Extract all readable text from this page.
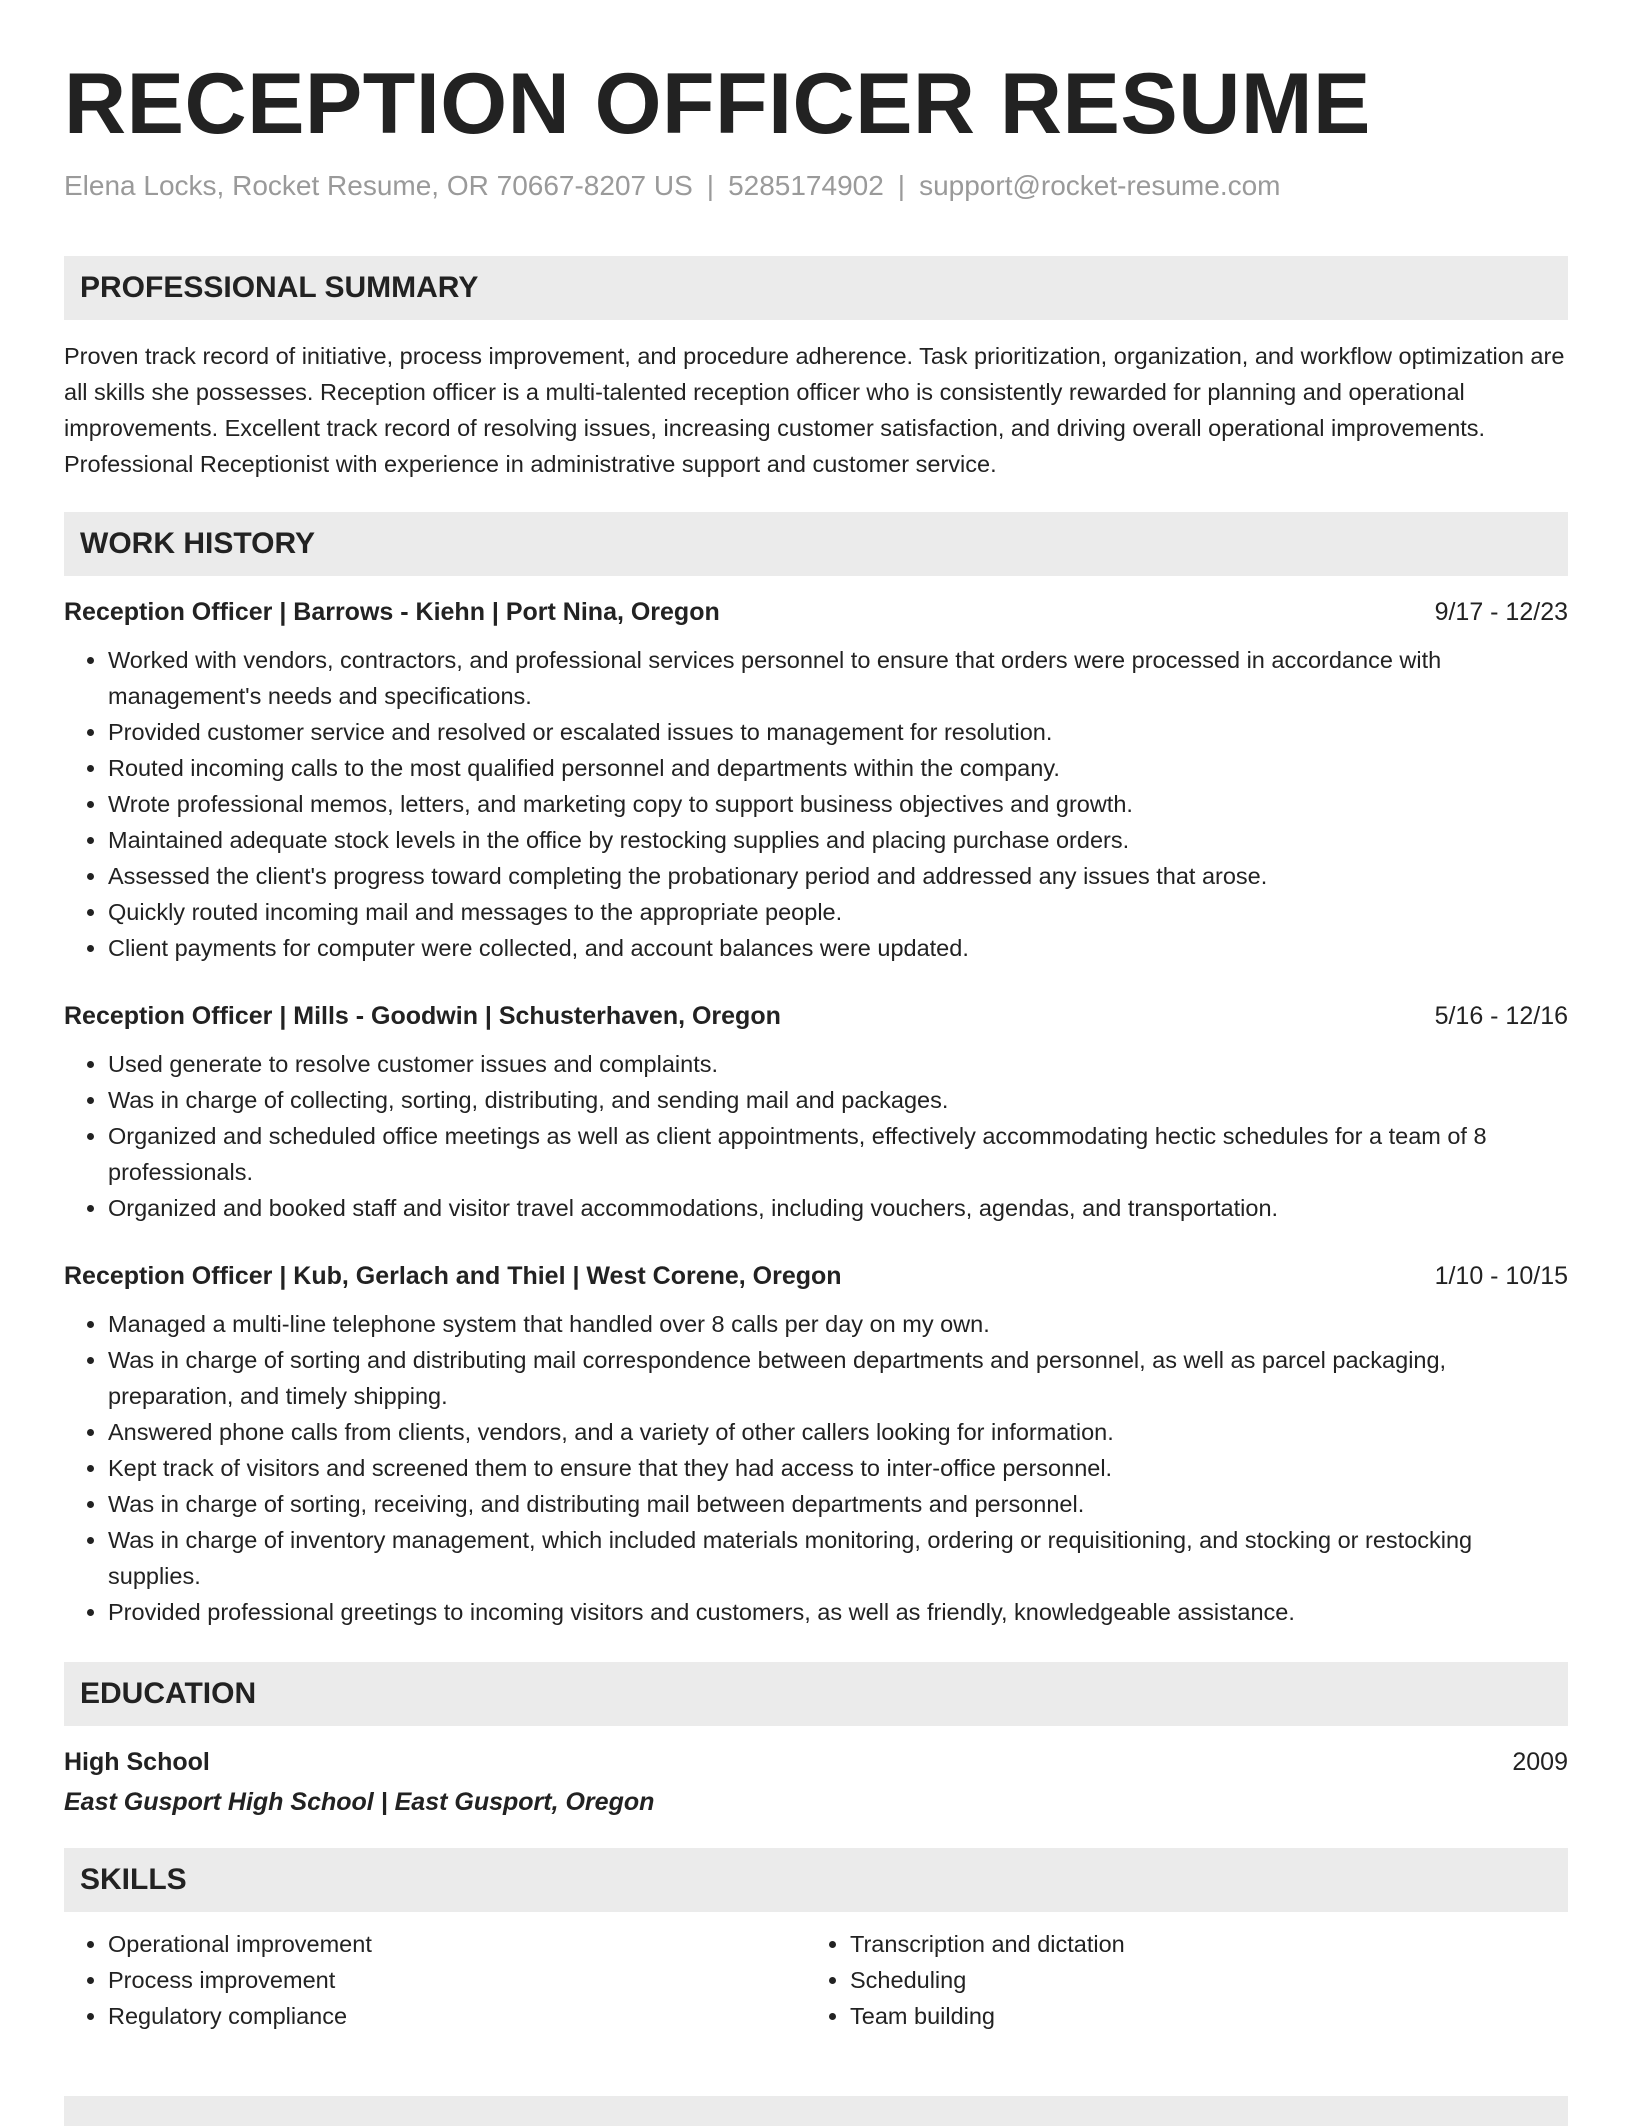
RECEPTION OFFICER RESUME
Elena Locks, Rocket Resume, OR 70667-8207 US | 5285174902 | support@rocket-resume.com
PROFESSIONAL SUMMARY

Proven track record of initiative, process improvement, and procedure adherence. Task prioritization, organization, and workflow optimization are all skills she possesses. Reception officer is a multi-talented reception officer who is consistently rewarded for planning and operational improvements. Excellent track record of resolving issues, increasing customer satisfaction, and driving overall operational improvements. Professional Receptionist with experience in administrative support and customer service.

WORK HISTORY
Reception Officer | Barrows - Kiehn | Port Nina, Oregon	9/17 - 12/23
• Worked with vendors, contractors, and professional services personnel to ensure that orders were processed in accordance with management's needs and specifications.
• Provided customer service and resolved or escalated issues to management for resolution.
• Routed incoming calls to the most qualified personnel and departments within the company.
• Wrote professional memos, letters, and marketing copy to support business objectives and growth.
• Maintained adequate stock levels in the office by restocking supplies and placing purchase orders.
• Assessed the client's progress toward completing the probationary period and addressed any issues that arose.
• Quickly routed incoming mail and messages to the appropriate people.
• Client payments for computer were collected, and account balances were updated.
Reception Officer | Mills - Goodwin | Schusterhaven, Oregon	5/16 - 12/16
• Used generate to resolve customer issues and complaints.
• Was in charge of collecting, sorting, distributing, and sending mail and packages.
• Organized and scheduled office meetings as well as client appointments, effectively accommodating hectic schedules for a team of 8 professionals.
• Organized and booked staff and visitor travel accommodations, including vouchers, agendas, and transportation.
Reception Officer | Kub, Gerlach and Thiel | West Corene, Oregon	1/10 - 10/15
• Managed a multi-line telephone system that handled over 8 calls per day on my own.
• Was in charge of sorting and distributing mail correspondence between departments and personnel, as well as parcel packaging, preparation, and timely shipping.
• Answered phone calls from clients, vendors, and a variety of other callers looking for information.
• Kept track of visitors and screened them to ensure that they had access to inter-office personnel.
• Was in charge of sorting, receiving, and distributing mail between departments and personnel.
• Was in charge of inventory management, which included materials monitoring, ordering or requisitioning, and stocking or restocking supplies.
• Provided professional greetings to incoming visitors and customers, as well as friendly, knowledgeable assistance.
EDUCATION
High School	2009
East Gusport High School | East Gusport, Oregon
SKILLS
• Operational improvement
• Process improvement
• Regulatory compliance
• Transcription and dictation
• Scheduling
• Team building
